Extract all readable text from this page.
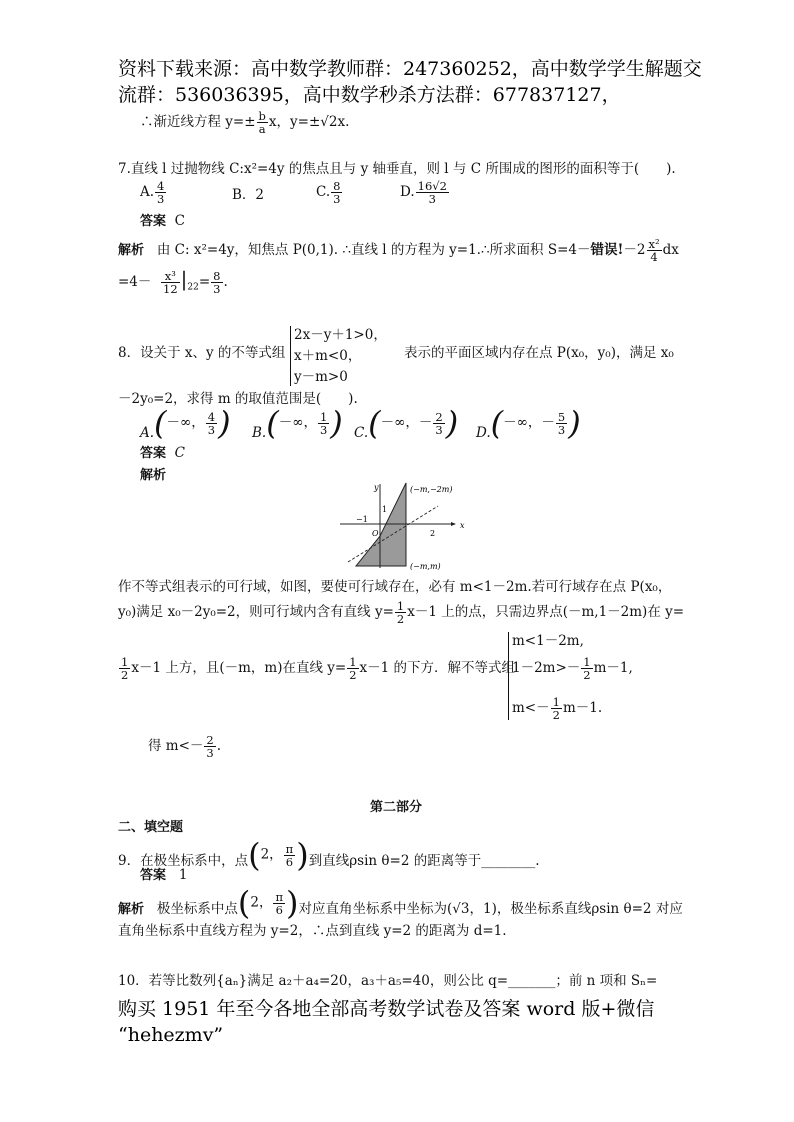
资料下载来源：高中数学教师群：247360252，高中数学学生解题交
流群：536036395，高中数学秒杀方法群：677837127，
∴渐近线方程 $y=\pm \frac{b}{a}$ x，y=±√2x.
7.直线 l 过抛物线 C:x²=4y 的焦点且与 y 轴垂直，则 l 与 C 所围成的图形的面积等于(　　).
A. $\frac{4}{3}$	B．2	C. $\frac{8}{3}$	D. $\frac{16√2}{3}$
答案 C
解析 由 C: x²=4y，知焦点 P(0,1). ∴直线 l 的方程为 y=1.∴所求面积 S=4－错误$!-2 \frac{\text{x²}}{4}$ dx
$=4- \frac{\text{x³}}{12} |_{22}= \frac{8}{3}$ .
8．设关于 x、y 的不等式组
2x－y＋1>0，
x＋m<0，
y－m>0
表示的平面区域内存在点 P(x₀，y₀)，满足 x₀
－2y₀=2，求得 m 的取值范围是(　　).
A.(－∞， $\frac{4}{3}$ ) B.(－∞， $\frac{1}{3}$ ) C.(－∞，－ $\frac{2}{3}$ ) D.(－∞，－ $\frac{5}{3}$ )
答案 C
解析
y
x
O
−1
2
1
(−m,−2m)
(−m,m)
作不等式组表示的可行域，如图，要使可行域存在，必有 m<1－2m.若可行域存在点 P(x₀，
y₀)满足 x₀－2y₀=2，则可行域内含有直线 $y= \frac{1}{2} x-1$ 上的点，只需边界点(－m,1－2m)在 y=
m<1－2m,
$1-2m>- \frac{1}{2} m-1$,
$\frac{1}{2} x-1$ 上方，且(－m，m)在直线 $y= \frac{1}{2} x-1$ 的下方．解不等式组
$m<- \frac{1}{2} m-1$.
得 $m<- \frac{2}{3}$ .
第二部分
二、填空题
9．在极坐标系中，点(2， $\frac{\pi}{6}$ )到直线ρsin θ=2 的距离等于________.
答案 1
解析 极坐标系中点(2， $\frac{\pi}{6}$ )对应直角坐标系中坐标为(√3，1)，极坐标系直线ρsin θ=2 对应
直角坐标系中直线方程为 y=2，∴点到直线 y=2 的距离为 d=1.
10．若等比数列{aₙ}满足 a₂＋a₄=20，a₃＋a₅=40，则公比 q=_______；前 n 项和 Sₙ=
购买 1951 年至今各地全部高考数学试卷及答案 word 版+微信
“hehezmv”
